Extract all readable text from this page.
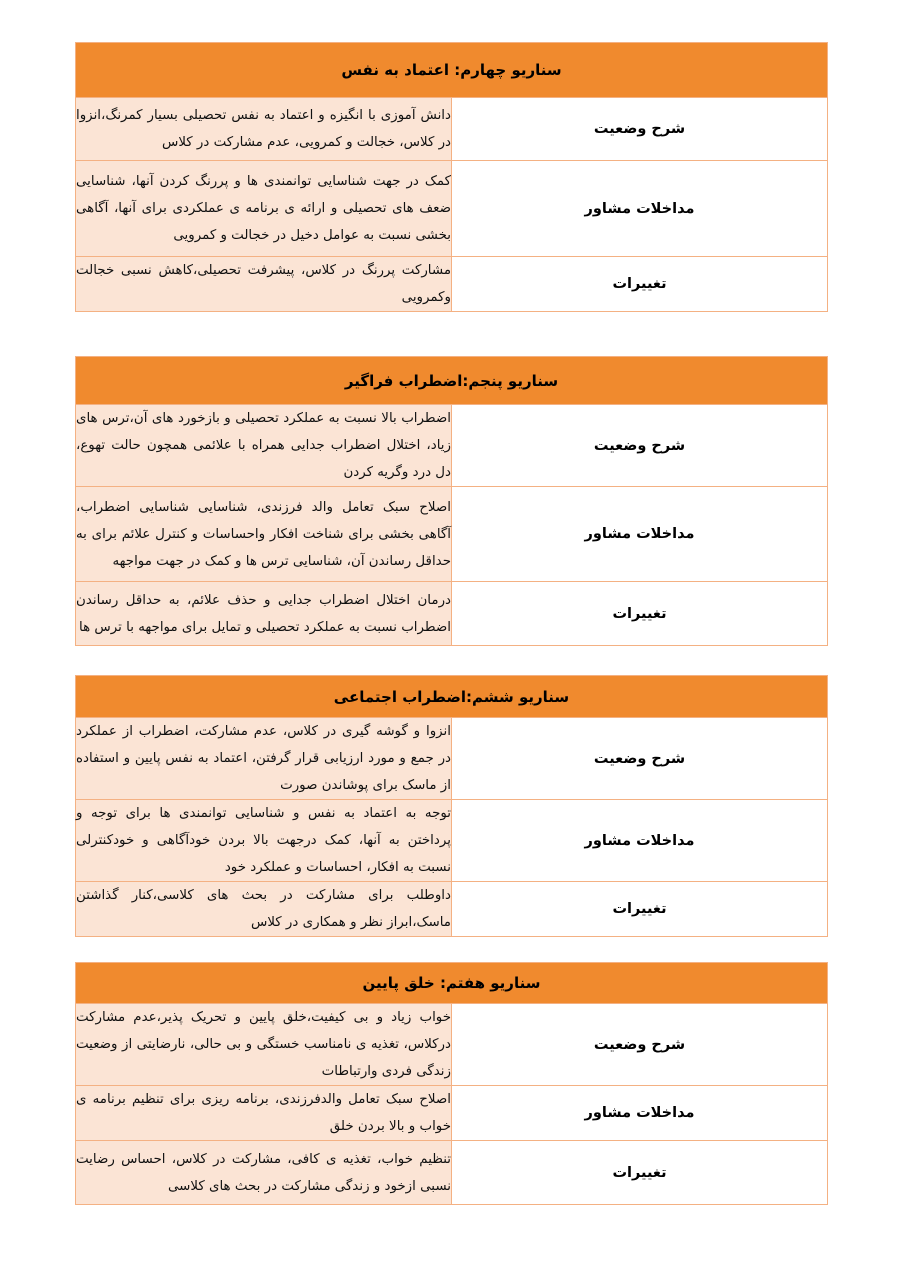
سناریو چهارم: اعتماد به نفس	
شرح وضعیت	دانش آموزی با انگیزه و اعتماد به نفس تحصیلی بسیار کمرنگ،انزوا در کلاس، خجالت و کمرویی، عدم مشارکت در کلاس
مداخلات مشاور	کمک در جهت شناسایی توانمندی ها و پررنگ کردن آنها، شناسایی ضعف های تحصیلی و ارائه ی برنامه ی عملکردی برای آنها، آگاهی بخشی نسبت به عوامل دخیل در خجالت و کمرویی
تغییرات	مشارکت پررنگ در کلاس، پیشرفت تحصیلی،کاهش نسبی خجالت وکمرویی
سناریو پنجم:اضطراب فراگیر	
شرح وضعیت	اضطراب بالا نسبت به عملکرد تحصیلی و بازخورد های آن،ترس های زیاد، اختلال اضطراب جدایی همراه با علائمی همچون حالت تهوع، دل درد وگریه کردن
مداخلات مشاور	اصلاح سبک تعامل والد فرزندی، شناسایی شناسایی اضطراب، آگاهی بخشی برای شناخت افکار واحساسات و کنترل علائم برای به حداقل رساندن آن، شناسایی ترس ها و کمک در جهت مواجهه
تغییرات	درمان اختلال اضطراب جدایی و حذف علائم، به حداقل رساندن اضطراب نسبت به عملکرد تحصیلی و تمایل برای مواجهه با ترس ها
سناریو ششم:اضطراب اجتماعی	
شرح وضعیت	انزوا و گوشه گیری در کلاس، عدم مشارکت، اضطراب از عملکرد در جمع و مورد ارزیابی قرار گرفتن، اعتماد به نفس پایین و استفاده از ماسک برای پوشاندن صورت
مداخلات مشاور	توجه به اعتماد به نفس و شناسایی توانمندی ها برای توجه و پرداختن به آنها، کمک درجهت بالا بردن خودآگاهی و خودکنترلی نسبت به افکار، احساسات و عملکرد خود
تغییرات	داوطلب برای مشارکت در بحث های کلاسی،کنار گذاشتن ماسک،ابراز نظر و همکاری در کلاس
سناریو هفتم: خلق پایین	
شرح وضعیت	خواب زیاد و بی کیفیت،خلق پایین و تحریک پذیر،عدم مشارکت درکلاس، تغذیه ی نامناسب خستگی و بی حالی، نارضایتی از وضعیت زندگی فردی وارتباطات
مداخلات مشاور	اصلاح سبک تعامل والدفرزندی، برنامه ریزی برای تنظیم برنامه ی خواب و بالا بردن خلق
تغییرات	تنظیم خواب، تغذیه ی کافی، مشارکت در کلاس، احساس رضایت نسبی ازخود و زندگی مشارکت در بحث های کلاسی
